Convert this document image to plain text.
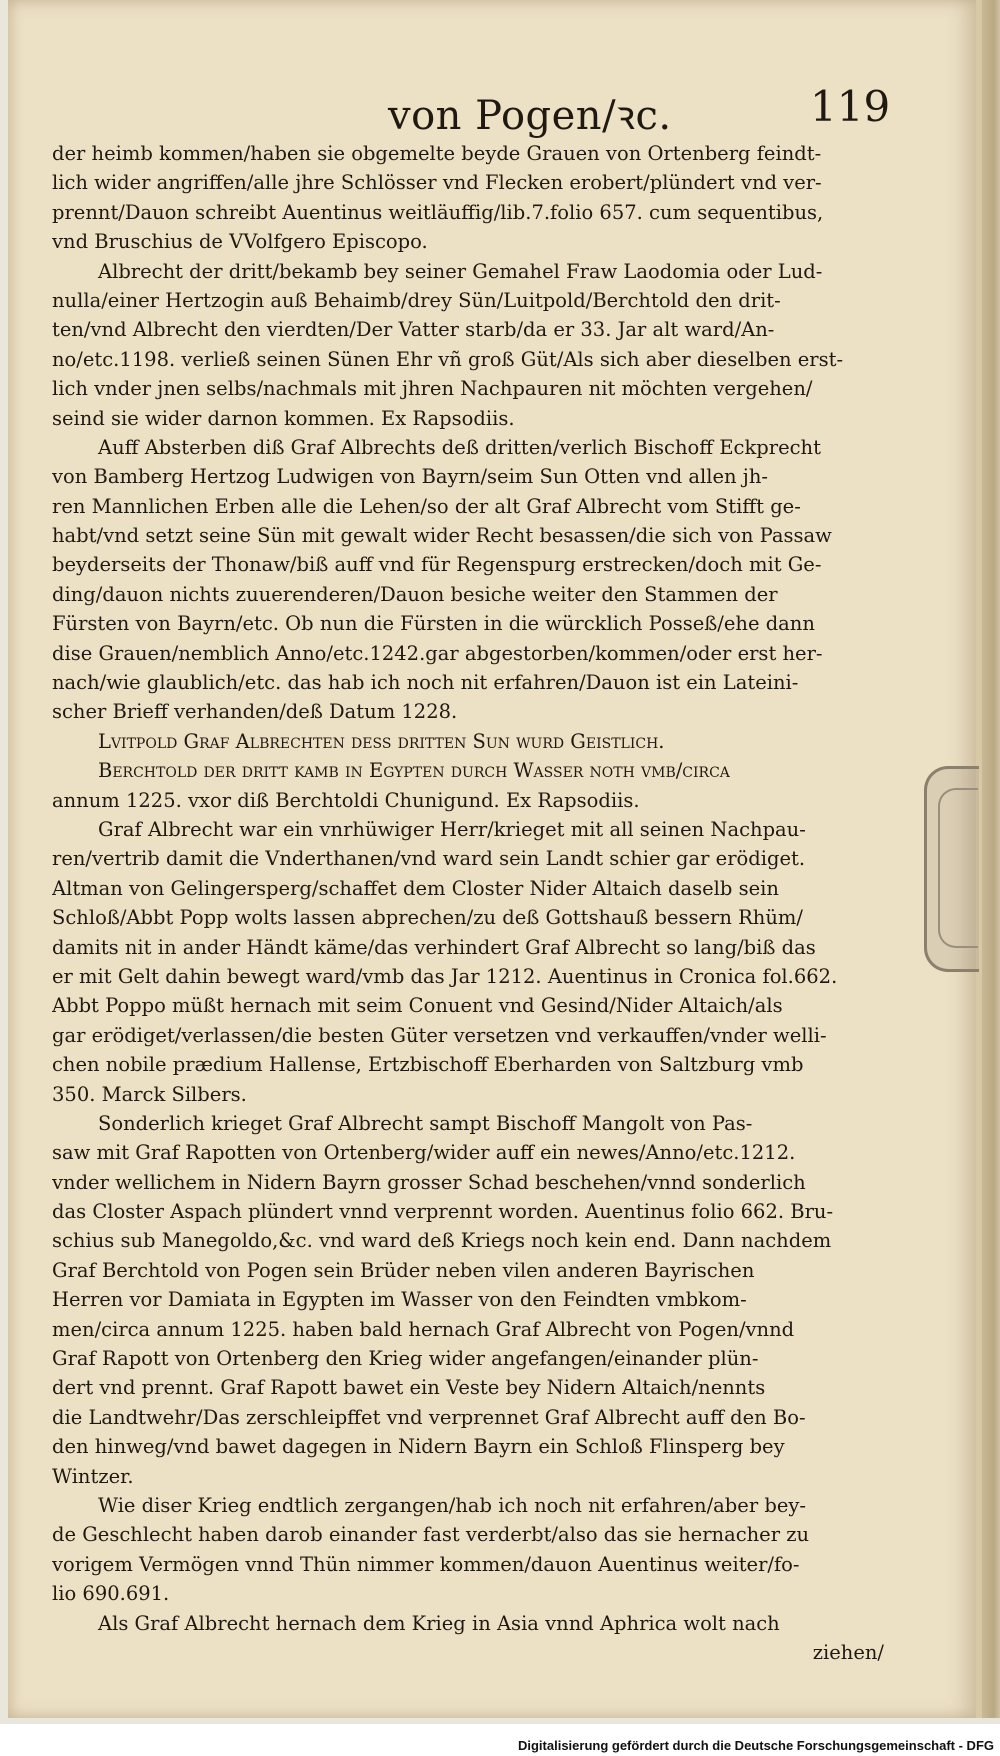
von Pogen/ꝛc.	119
der heimb kommen/haben sie obgemelte beyde Grauen von Ortenberg feindt-
lich wider angriffen/alle jhre Schlösser vnd Flecken erobert/plündert vnd ver-
prennt/Dauon schreibt Auentinus weitläuffig/lib.7.folio 657. cum sequentibus,
vnd Bruschius de VVolfgero Episcopo.
Albrecht der dritt/bekamb bey seiner Gemahel Fraw Laodomia oder Lud-
nulla/einer Hertzogin auß Behaimb/drey Sün/Luitpold/Berchtold den drit-
ten/vnd Albrecht den vierdten/Der Vatter starb/da er 33. Jar alt ward/An-
no/etc.1198. verließ seinen Sünen Ehr vñ groß Güt/Als sich aber dieselben erst-
lich vnder jnen selbs/nachmals mit jhren Nachpauren nit möchten vergehen/
seind sie wider darnon kommen. Ex Rapsodiis.
Auff Absterben diß Graf Albrechts deß dritten/verlich Bischoff Eckprecht
von Bamberg Hertzog Ludwigen von Bayrn/seim Sun Otten vnd allen jh-
ren Mannlichen Erben alle die Lehen/so der alt Graf Albrecht vom Stifft ge-
habt/vnd setzt seine Sün mit gewalt wider Recht besassen/die sich von Passaw
beyderseits der Thonaw/biß auff vnd für Regenspurg erstrecken/doch mit Ge-
ding/dauon nichts zuuerenderen/Dauon besiche weiter den Stammen der
Fürsten von Bayrn/etc. Ob nun die Fürsten in die würcklich Posseß/ehe dann
dise Grauen/nemblich Anno/etc.1242.gar abgestorben/kommen/oder erst her-
nach/wie glaublich/etc. das hab ich noch nit erfahren/Dauon ist ein Lateini-
scher Brieff verhanden/deß Datum 1228.
Lvitpold Graf Albrechten deß dritten Sun wurd Geistlich.
Berchtold der dritt kamb in Egypten durch Wasser noth vmb/circa
annum 1225. vxor diß Berchtoldi Chunigund. Ex Rapsodiis.
Graf Albrecht war ein vnrhüwiger Herr/krieget mit all seinen Nachpau-
ren/vertrib damit die Vnderthanen/vnd ward sein Landt schier gar erödiget.
Altman von Gelingersperg/schaffet dem Closter Nider Altaich daselb sein
Schloß/Abbt Popp wolts lassen abprechen/zu deß Gottshauß bessern Rhüm/
damits nit in ander Händt käme/das verhindert Graf Albrecht so lang/biß das
er mit Gelt dahin bewegt ward/vmb das Jar 1212. Auentinus in Cronica fol.662.
Abbt Poppo müßt hernach mit seim Conuent vnd Gesind/Nider Altaich/als
gar erödiget/verlassen/die besten Güter versetzen vnd verkauffen/vnder welli-
chen nobile prædium Hallense, Ertzbischoff Eberharden von Saltzburg vmb
350. Marck Silbers.
Sonderlich krieget Graf Albrecht sampt Bischoff Mangolt von Pas-
saw mit Graf Rapotten von Ortenberg/wider auff ein newes/Anno/etc.1212.
vnder wellichem in Nidern Bayrn grosser Schad beschehen/vnnd sonderlich
das Closter Aspach plündert vnnd verprennt worden. Auentinus folio 662. Bru-
schius sub Manegoldo,&c. vnd ward deß Kriegs noch kein end. Dann nachdem
Graf Berchtold von Pogen sein Brüder neben vilen anderen Bayrischen
Herren vor Damiata in Egypten im Wasser von den Feindten vmbkom-
men/circa annum 1225. haben bald hernach Graf Albrecht von Pogen/vnnd
Graf Rapott von Ortenberg den Krieg wider angefangen/einander plün-
dert vnd prennt. Graf Rapott bawet ein Veste bey Nidern Altaich/nennts
die Landtwehr/Das zerschleipffet vnd verprennet Graf Albrecht auff den Bo-
den hinweg/vnd bawet dagegen in Nidern Bayrn ein Schloß Flinsperg bey
Wintzer.
Wie diser Krieg endtlich zergangen/hab ich noch nit erfahren/aber bey-
de Geschlecht haben darob einander fast verderbt/also das sie hernacher zu
vorigem Vermögen vnnd Thün nimmer kommen/dauon Auentinus weiter/fo-
lio 690.691.
Als Graf Albrecht hernach dem Krieg in Asia vnnd Aphrica wolt nach
ziehen/
Digitalisierung gefördert durch die Deutsche Forschungsgemeinschaft - DFG
